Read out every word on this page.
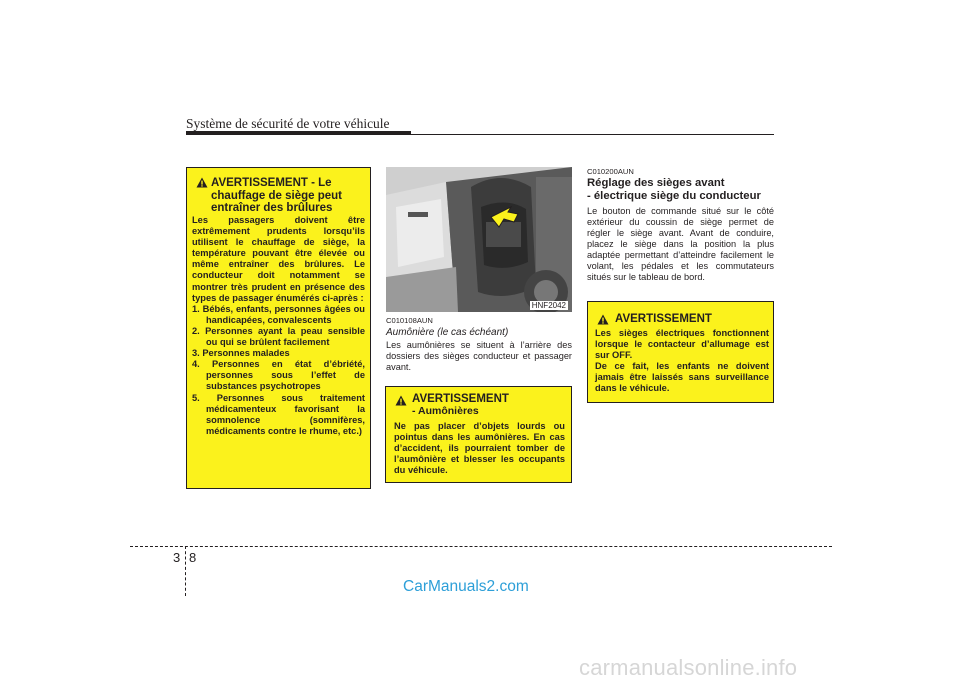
Système de sécurité de votre véhicule
AVERTISSEMENT - Le chauffage de siège peut entraîner des brûlures

Les passagers doivent être extrêmement prudents lorsqu’ils utilisent le chauffage de siège, la température pouvant être élevée ou même entraîner des brûlures. Le conducteur doit notamment se montrer très prudent en présence des types de passager énumérés ci-après :

1. Bébés, enfants, personnes âgées ou handicapées, convalescents
2. Personnes ayant la peau sensible ou qui se brûlent facilement
3. Personnes malades
4. Personnes en état d’ébriété, personnes sous l’effet de substances psychotropes
5. Personnes sous traitement médicamenteux favorisant la somnolence (somnifères, médicaments contre le rhume, etc.)
HNF2042
C010108AUN
Aumônière (le cas échéant)
Les aumônières se situent à l’arrière des dossiers des sièges conducteur et passager avant.
AVERTISSEMENT
- Aumônières
Ne pas placer d’objets lourds ou pointus dans les aumônières. En cas d’accident, ils pourraient tomber de l’aumônière et blesser les occupants du véhicule.
C010200AUN
Réglage des sièges avant
- électrique siège du conducteur
Le bouton de commande situé sur le côté extérieur du coussin de siège permet de régler le siège avant. Avant de conduire, placez le siège dans la position la plus adaptée permettant d’atteindre facilement le volant, les pédales et les commutateurs situés sur le tableau de bord.
AVERTISSEMENT

Les sièges électriques fonctionnent lorsque le contacteur d’allumage est sur OFF.

De ce fait, les enfants ne doivent jamais être laissés sans surveillance dans le véhicule.

3 8
CarManuals2.com
carmanualsonline.info
